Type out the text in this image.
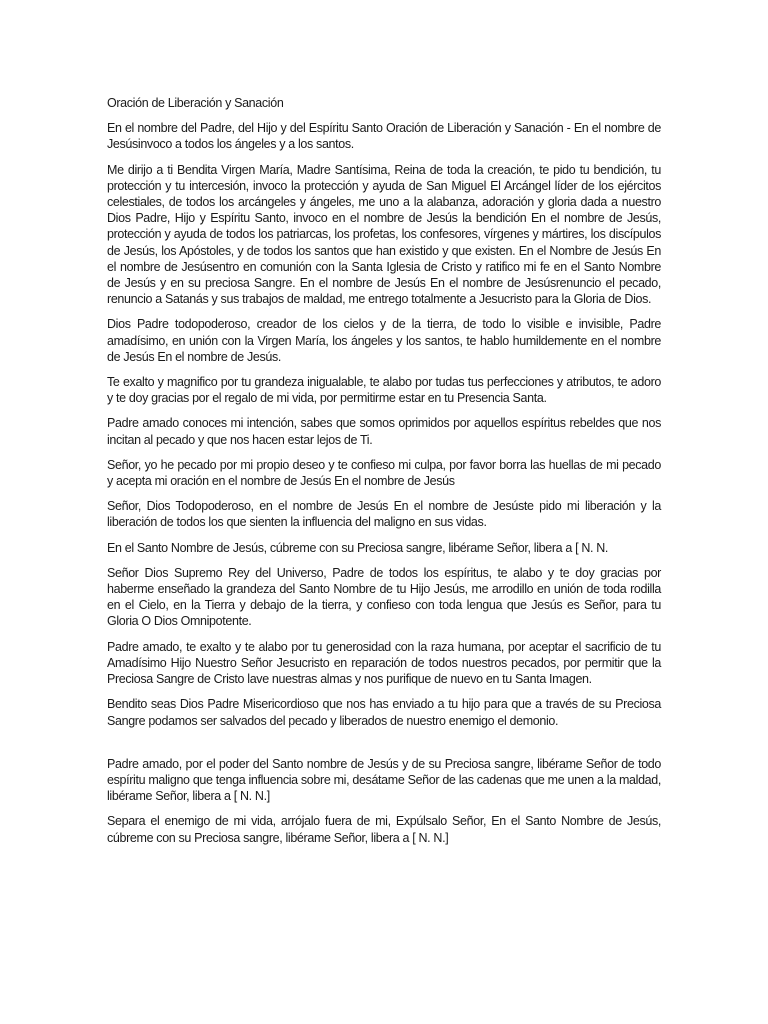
Oración de Liberación y Sanación

En el nombre del Padre, del Hijo y del Espíritu Santo Oración de Liberación y Sanación - En el nombre de Jesúsinvoco a todos los ángeles y a los santos.

Me dirijo a ti Bendita Virgen María, Madre Santísima, Reina de toda la creación, te pido tu bendición, tu protección y tu intercesión, invoco la protección y ayuda de San Miguel El Arcángel líder de los ejércitos celestiales, de todos los arcángeles y ángeles, me uno a la alabanza, adoración y gloria dada a nuestro Dios Padre, Hijo y Espíritu Santo, invoco en el nombre de Jesús la bendición En el nombre de Jesús, protección y ayuda de todos los patriarcas, los profetas, los confesores, vírgenes y mártires, los discípulos de Jesús, los Apóstoles, y de todos los santos que han existido y que existen. En el Nombre de Jesús En el nombre de Jesúsentro en comunión con la Santa Iglesia de Cristo y ratifico mi fe en el Santo Nombre de Jesús y en su preciosa Sangre. En el nombre de Jesús En el nombre de Jesúsrenuncio el pecado, renuncio a Satanás y sus trabajos de maldad, me entrego totalmente a Jesucristo para la Gloria de Dios.

Dios Padre todopoderoso, creador de los cielos y de la tierra, de todo lo visible e invisible, Padre amadísimo, en unión con la Virgen María, los ángeles y los santos, te hablo humildemente en el nombre de Jesús En el nombre de Jesús.

Te exalto y magnifico por tu grandeza inigualable, te alabo por tudas tus perfecciones y atributos, te adoro y te doy gracias por el regalo de mi vida, por permitirme estar en tu Presencia Santa.

Padre amado conoces mi intención, sabes que somos oprimidos por aquellos espíritus rebeldes que nos incitan al pecado y que nos hacen estar lejos de Ti.

Señor, yo he pecado por mi propio deseo y te confieso mi culpa, por favor borra las huellas de mi pecado y acepta mi oración en el nombre de Jesús En el nombre de Jesús

Señor, Dios Todopoderoso, en el nombre de Jesús En el nombre de Jesúste pido mi liberación y la liberación de todos los que sienten la influencia del maligno en sus vidas.

En el Santo Nombre de Jesús, cúbreme con su Preciosa sangre, libérame Señor, libera a [ N. N.

Señor Dios Supremo Rey del Universo, Padre de todos los espíritus, te alabo y te doy gracias por haberme enseñado la grandeza del Santo Nombre de tu Hijo Jesús, me arrodillo en unión de toda rodilla en el Cielo, en la Tierra y debajo de la tierra, y confieso con toda lengua que Jesús es Señor, para tu Gloria O Dios Omnipotente.

Padre amado, te exalto y te alabo por tu generosidad con la raza humana, por aceptar el sacrificio de tu Amadísimo Hijo Nuestro Señor Jesucristo en reparación de todos nuestros pecados, por permitir que la Preciosa Sangre de Cristo lave nuestras almas y nos purifique de nuevo en tu Santa Imagen.

Bendito seas Dios Padre Misericordioso que nos has enviado a tu hijo para que a través de su Preciosa Sangre podamos ser salvados del pecado y liberados de nuestro enemigo el demonio.

Padre amado, por el poder del Santo nombre de Jesús y de su Preciosa sangre, libérame Señor de todo espíritu maligno que tenga influencia sobre mi, desátame Señor de las cadenas que me unen a la maldad, libérame Señor, libera a [ N. N.]

Separa el enemigo de mi vida, arrójalo fuera de mi, Expúlsalo Señor, En el Santo Nombre de Jesús, cúbreme con su Preciosa sangre, libérame Señor, libera a [ N. N.]
